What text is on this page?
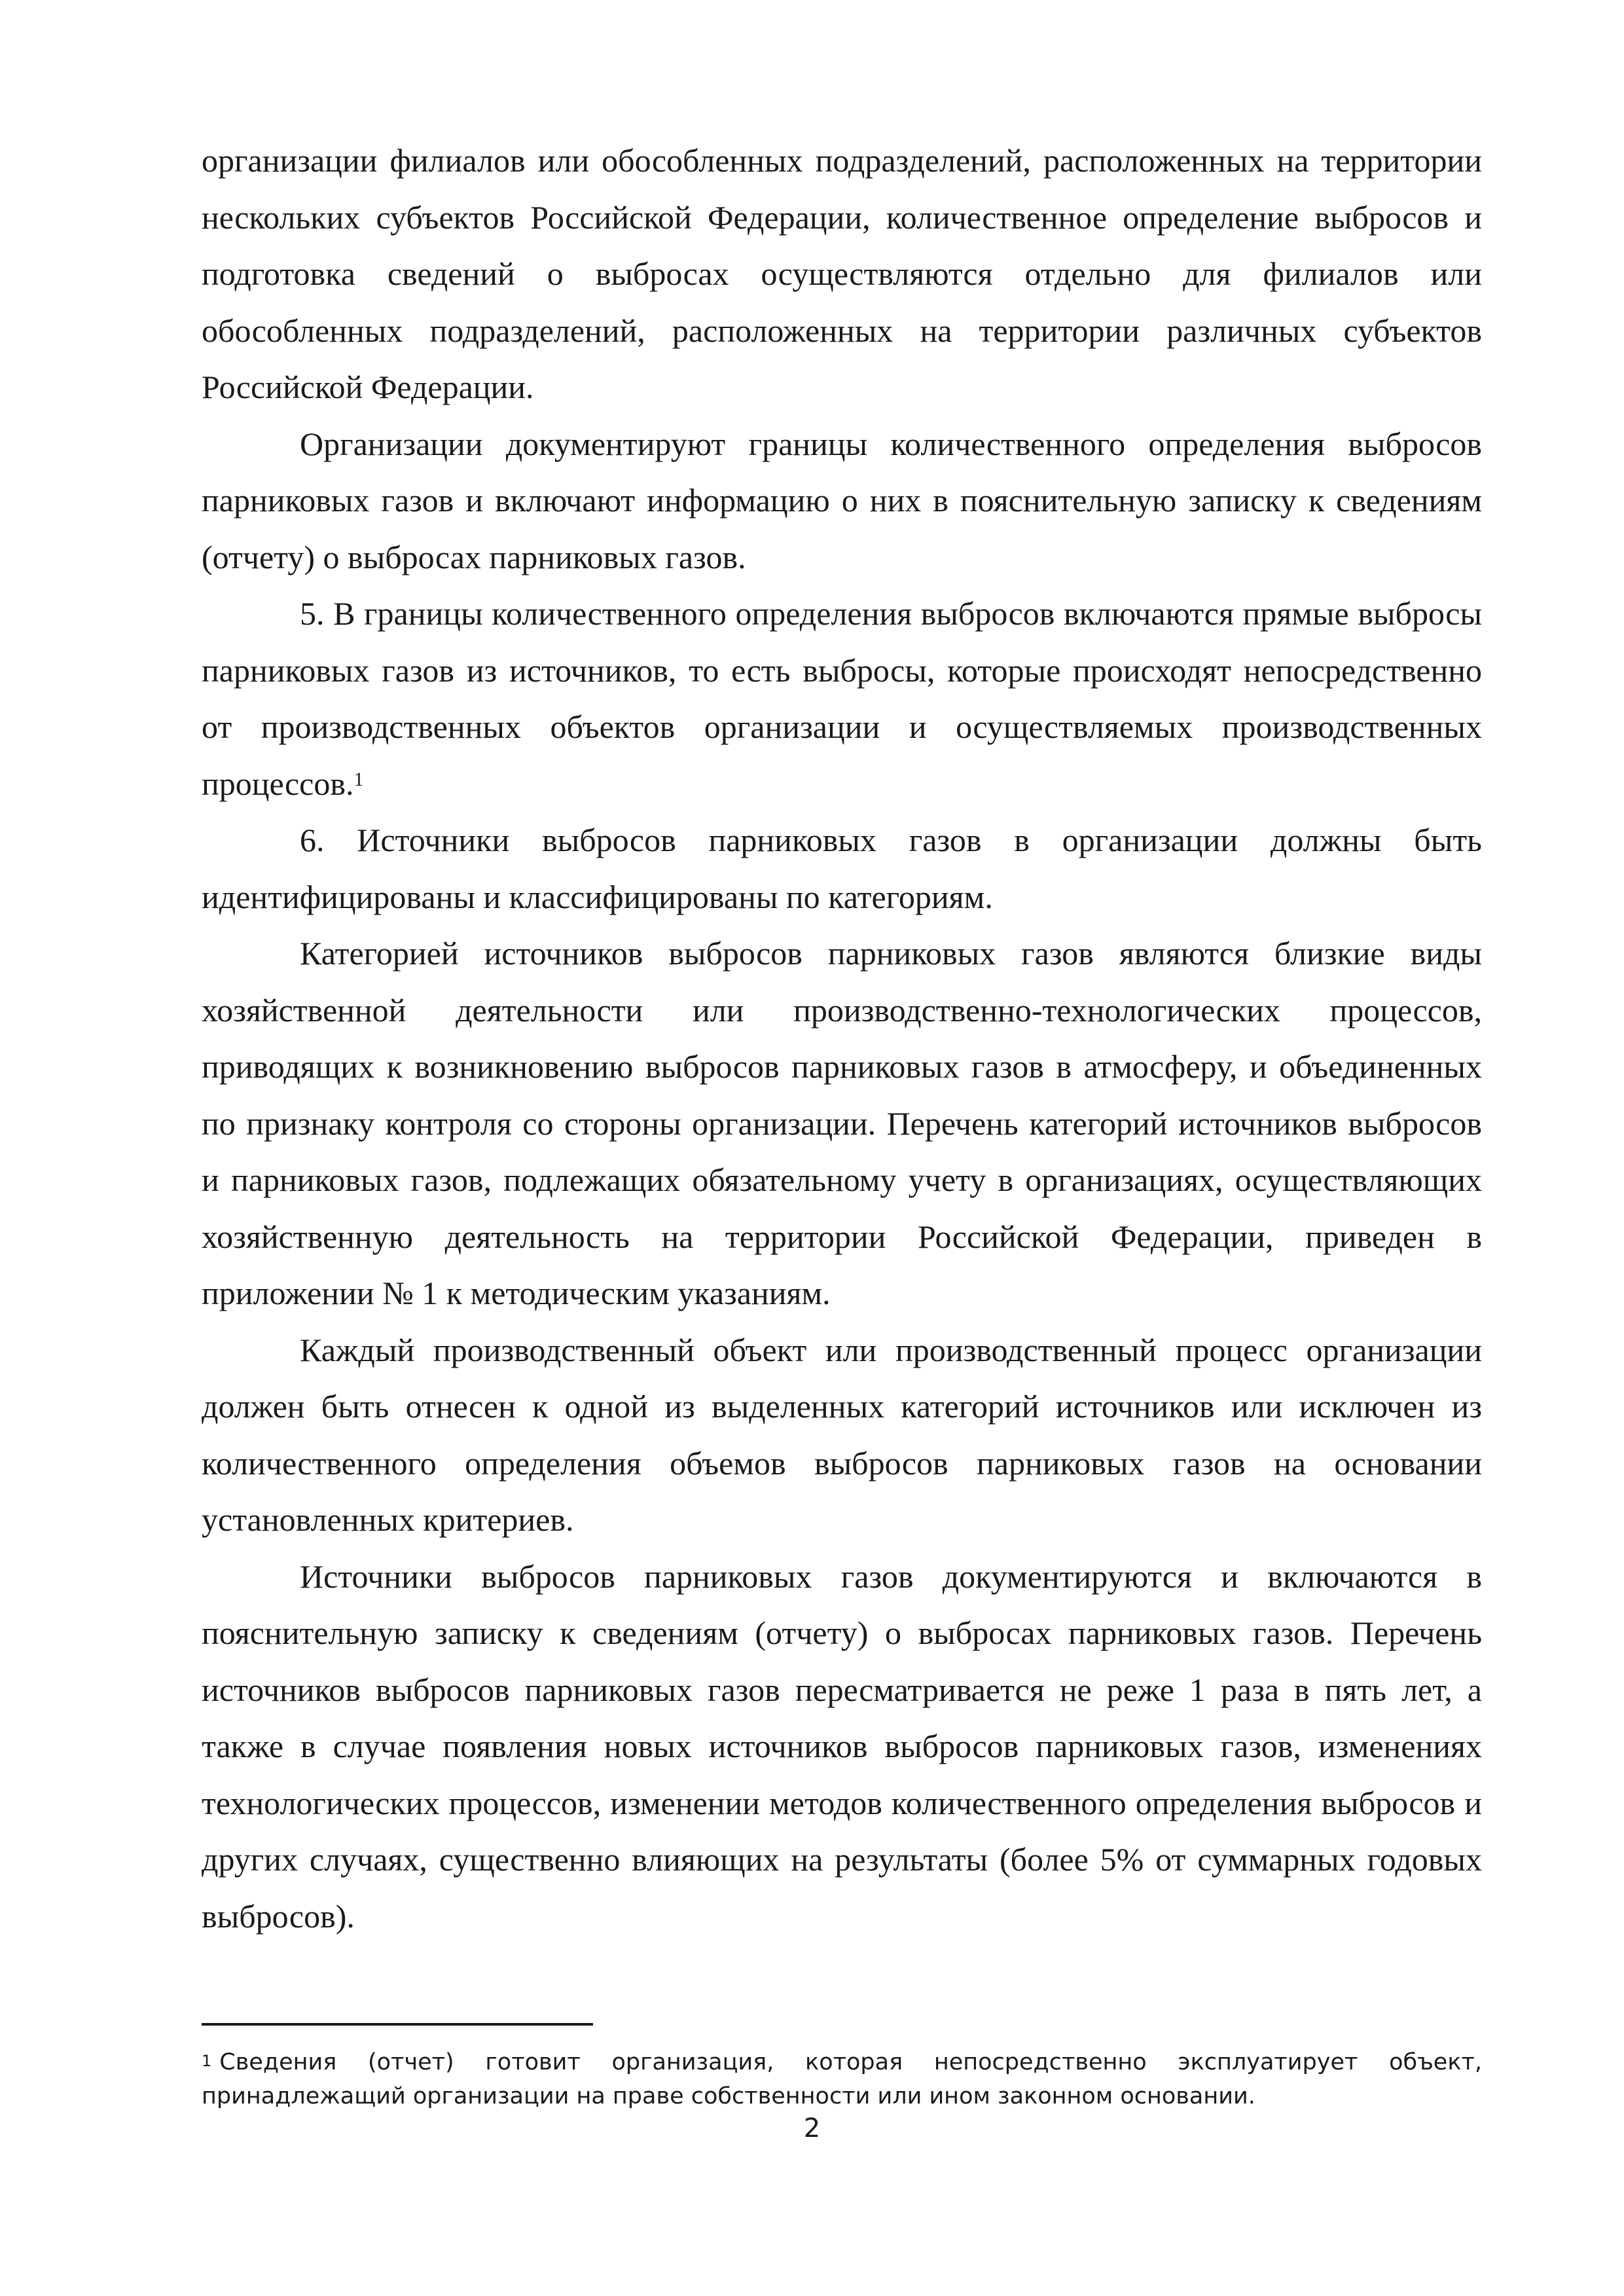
организации филиалов или обособленных подразделений, расположенных на территории нескольких субъектов Российской Федерации, количественное определение выбросов и подготовка сведений о выбросах осуществляются отдельно для филиалов или обособленных подразделений, расположенных на территории различных субъектов Российской Федерации.

Организации документируют границы количественного определения выбросов парниковых газов и включают информацию о них в пояснительную записку к сведениям (отчету) о выбросах парниковых газов.

5. В границы количественного определения выбросов включаются прямые выбросы парниковых газов из источников, то есть выбросы, которые происходят непосредственно от производственных объектов организации и осуществляемых производственных процессов.$^1$

6. Источники выбросов парниковых газов в организации должны быть идентифицированы и классифицированы по категориям.

Категорией источников выбросов парниковых газов являются близкие виды хозяйственной деятельности или производственно-технологических процессов, приводящих к возникновению выбросов парниковых газов в атмосферу, и объединенных по признаку контроля со стороны организации. Перечень категорий источников выбросов и парниковых газов, подлежащих обязательному учету в организациях, осуществляющих хозяйственную деятельность на территории Российской Федерации, приведен в приложении № 1 к методическим указаниям.

Каждый производственный объект или производственный процесс организации должен быть отнесен к одной из выделенных категорий источников или исключен из количественного определения объемов выбросов парниковых газов на основании установленных критериев.

Источники выбросов парниковых газов документируются и включаются в пояснительную записку к сведениям (отчету) о выбросах парниковых газов. Перечень источников выбросов парниковых газов пересматривается не реже 1 раза в пять лет, а также в случае появления новых источников выбросов парниковых газов, изменениях технологических процессов, изменении методов количественного определения выбросов и других случаях, существенно влияющих на результаты (более 5% от суммарных годовых выбросов).

$^1$ Сведения (отчет) готовит организация, которая непосредственно эксплуатирует объект, принадлежащий организации на праве собственности или ином законном основании.

2
